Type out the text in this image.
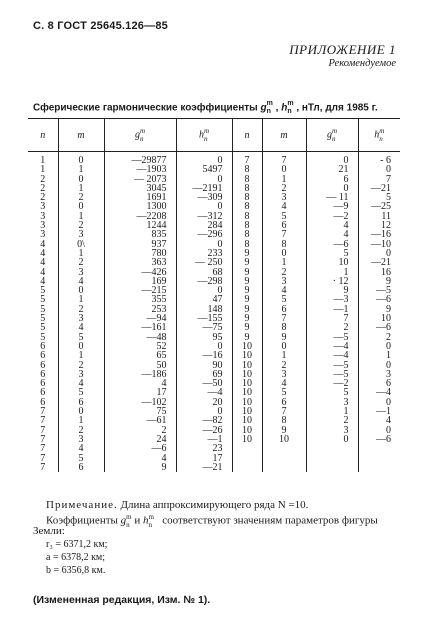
С. 8 ГОСТ 25645.126—85
ПРИЛОЖЕНИЕ 1
Рекомендуемое
Сферические гармонические коэффициенты g m
n , h m
n , нТл, для 1985 г.
n	m	g m
n	h m
n	n	m	g m
n	h m
n

1	0	—29877	0	7	7	0	- 6
1	1	—1903	5497	8	0	21	0
2	0	— 2073	0	8	1	6	7
2	1	3045	—2191	8	2	0	—21
2	2	1691	—309	8	3	— 11	5
3	0	1300	0	8	4	—9	—25
3	1	—2208	—312	8	5	—2	11
3	2	1244	284	8	6	4	12
3	3	835	—296	8	7	4	—16
4	0\	937	0	8	8	—6	—10
4	1	780	233	9	0	5	0
4	2	363	— 250	9	1	10	—21
4	3	—426	68	9	2	1	16
4	4	169	—298	9	3	· 12	9
5	0	—215	0	9	4	9	—5
5	1	355	47	9	5	—3	—6
5	2	253	148	9	6	—1	9
5	3	—94	—155	9	7	7	10
5	4	—161	—75	9	8	2	—6
5	5	—48	95	9	9	—5	2
6	0	52	0	10	0	—4	0
6	1	65	—16	10	1	—4	1
6	2	50	90	10	2	—5	0
6	3	—186	69	10	3	—5	3
6	4	4	—50	10	4	—2	6
6	5	17	—4	10	5	5	—4
6	6	—102	20	10	6	3	0
7	0	75	0	10	7	1	—1
7	1	—61	—82	10	8	2	4
7	2	2	—26	10	9	3	0
7	3	24	—1	10	10	0	—6
7	4	—6	23				
7	5	4	17				
7	6	9	—21				
Примечание. Длина аппроксимирующего ряда N =10.
Коэффициенты g m
n и h m
n соответствуют значениям параметров фигуры
Земли:
r₃ = 6371,2 км;
a = 6378,2 км;
b = 6356,8 км.
(Измененная редакция, Изм. № 1).
